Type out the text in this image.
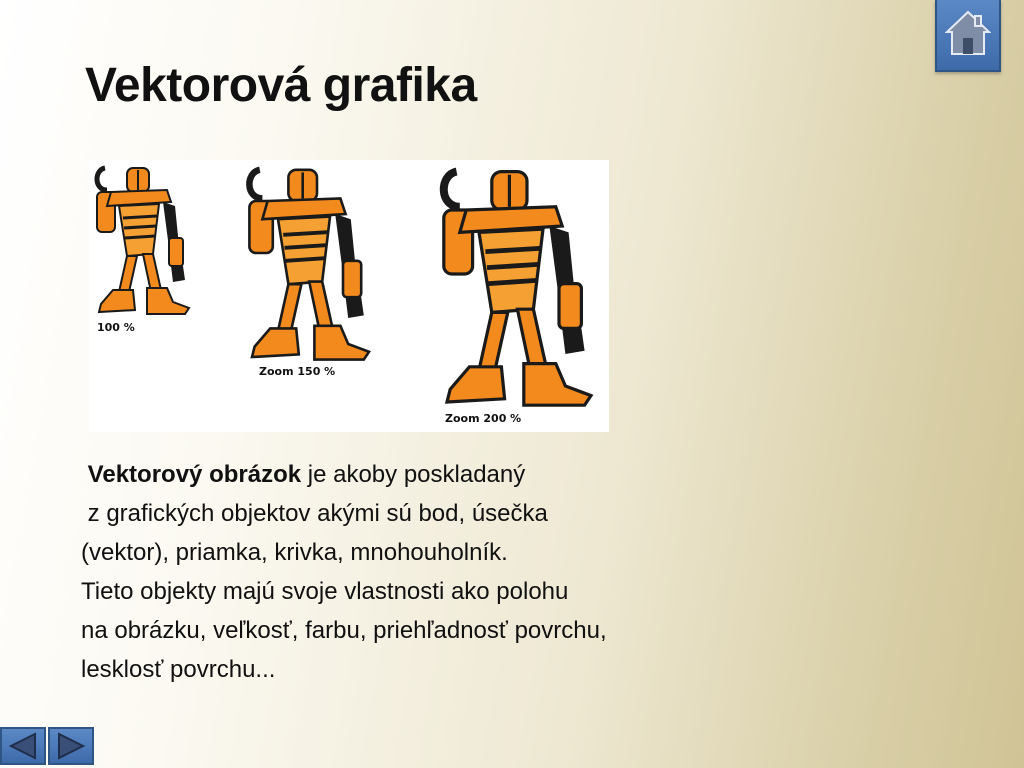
Vektorová grafika
100 %
Zoom 150 %
Zoom 200 %
Vektorový obrázok je akoby poskladaný
z grafických objektov akými sú bod, úsečka
(vektor), priamka, krivka, mnohouholník.
Tieto objekty majú svoje vlastnosti ako polohu
na obrázku, veľkosť, farbu, priehľadnosť povrchu,
lesklosť povrchu...
